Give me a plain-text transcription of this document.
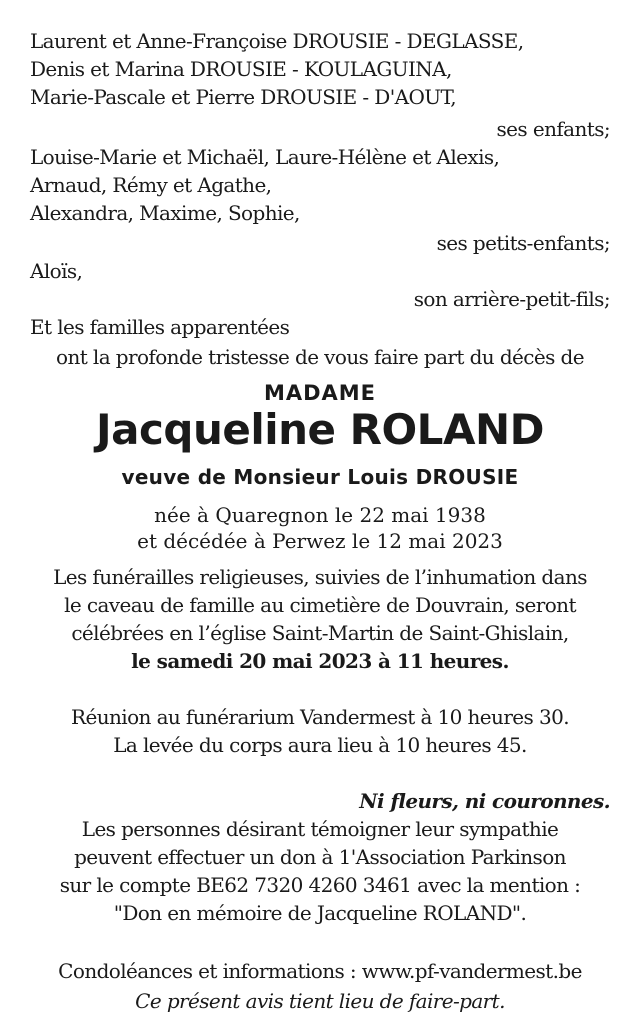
Laurent et Anne-Françoise DROUSIE - DEGLASSE,
Denis et Marina DROUSIE - KOULAGUINA,
Marie-Pascale et Pierre DROUSIE - D'AOUT,
ses enfants;
Louise-Marie et Michaël, Laure-Hélène et Alexis,
Arnaud, Rémy et Agathe,
Alexandra, Maxime, Sophie,
ses petits-enfants;
Aloïs,
son arrière-petit-fils;
Et les familles apparentées
ont la profonde tristesse de vous faire part du décès de
MADAME
Jacqueline ROLAND
veuve de Monsieur Louis DROUSIE
née à Quaregnon le 22 mai 1938
et décédée à Perwez le 12 mai 2023
Les funérailles religieuses, suivies de l’inhumation dans
le caveau de famille au cimetière de Douvrain, seront
célébrées en l’église Saint-Martin de Saint-Ghislain,
le samedi 20 mai 2023 à 11 heures.
Réunion au funérarium Vandermest à 10 heures 30.
La levée du corps aura lieu à 10 heures 45.
Ni fleurs, ni couronnes.
Les personnes désirant témoigner leur sympathie
peuvent effectuer un don à 1'Association Parkinson
sur le compte BE62 7320 4260 3461 avec la mention :
"Don en mémoire de Jacqueline ROLAND".
Condoléances et informations : www.pf-vandermest.be
Ce présent avis tient lieu de faire-part.
